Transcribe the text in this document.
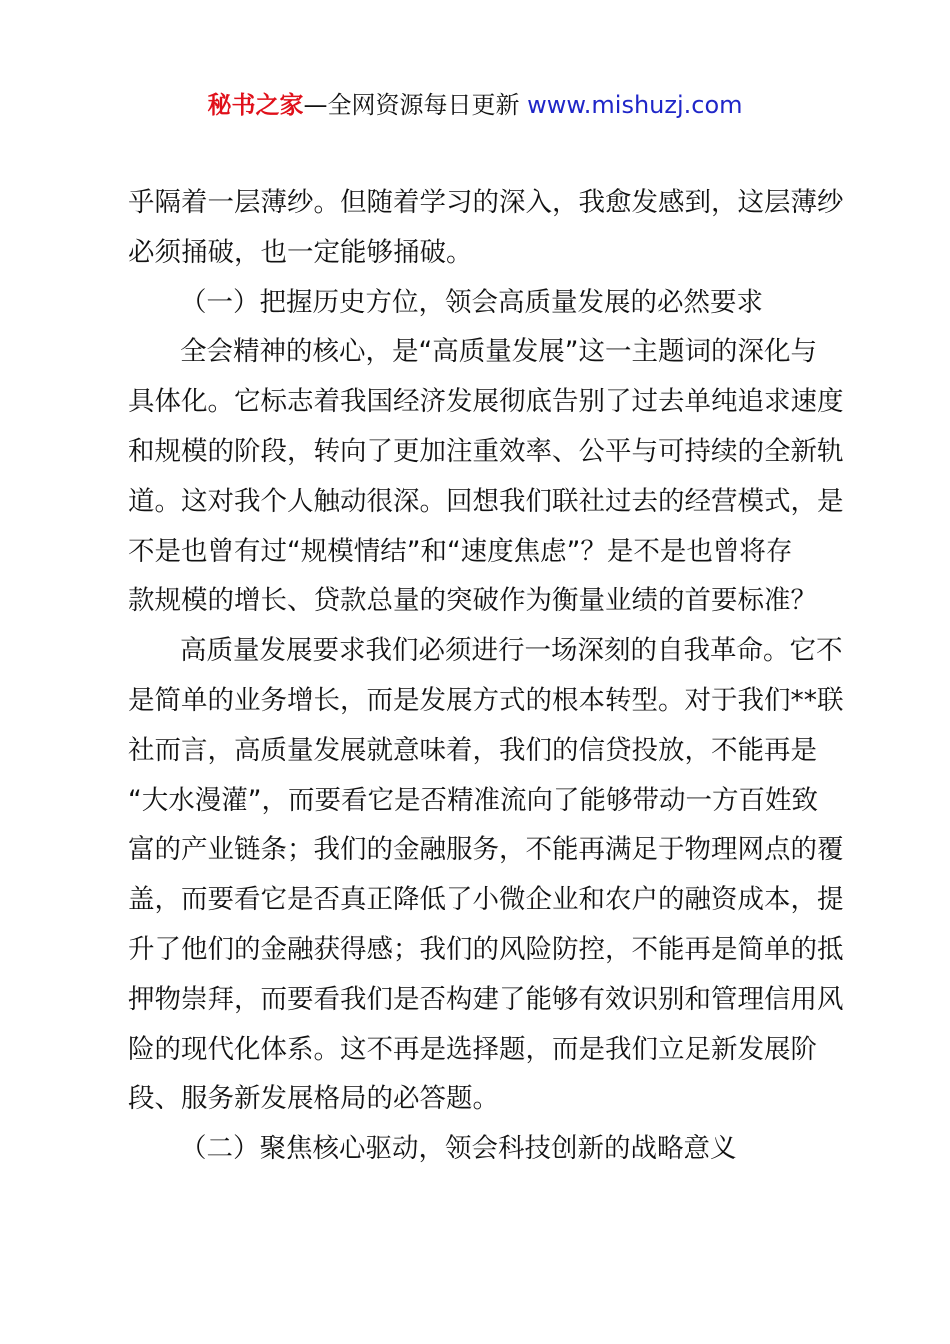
秘书之家—全网资源每日更新 www.mishuzj.com
乎隔着一层薄纱。但随着学习的深入，我愈发感到，这层薄纱
必须捅破，也一定能够捅破。
（一）把握历史方位，领会高质量发展的必然要求
全会精神的核心，是“高质量发展”这一主题词的深化与
具体化。它标志着我国经济发展彻底告别了过去单纯追求速度
和规模的阶段，转向了更加注重效率、公平与可持续的全新轨
道。这对我个人触动很深。回想我们联社过去的经营模式，是
不是也曾有过“规模情结”和“速度焦虑”？是不是也曾将存
款规模的增长、贷款总量的突破作为衡量业绩的首要标准？
高质量发展要求我们必须进行一场深刻的自我革命。它不
是简单的业务增长，而是发展方式的根本转型。对于我们**联
社而言，高质量发展就意味着，我们的信贷投放，不能再是
“大水漫灌”，而要看它是否精准流向了能够带动一方百姓致
富的产业链条；我们的金融服务，不能再满足于物理网点的覆
盖，而要看它是否真正降低了小微企业和农户的融资成本，提
升了他们的金融获得感；我们的风险防控，不能再是简单的抵
押物崇拜，而要看我们是否构建了能够有效识别和管理信用风
险的现代化体系。这不再是选择题，而是我们立足新发展阶
段、服务新发展格局的必答题。
（二）聚焦核心驱动，领会科技创新的战略意义
